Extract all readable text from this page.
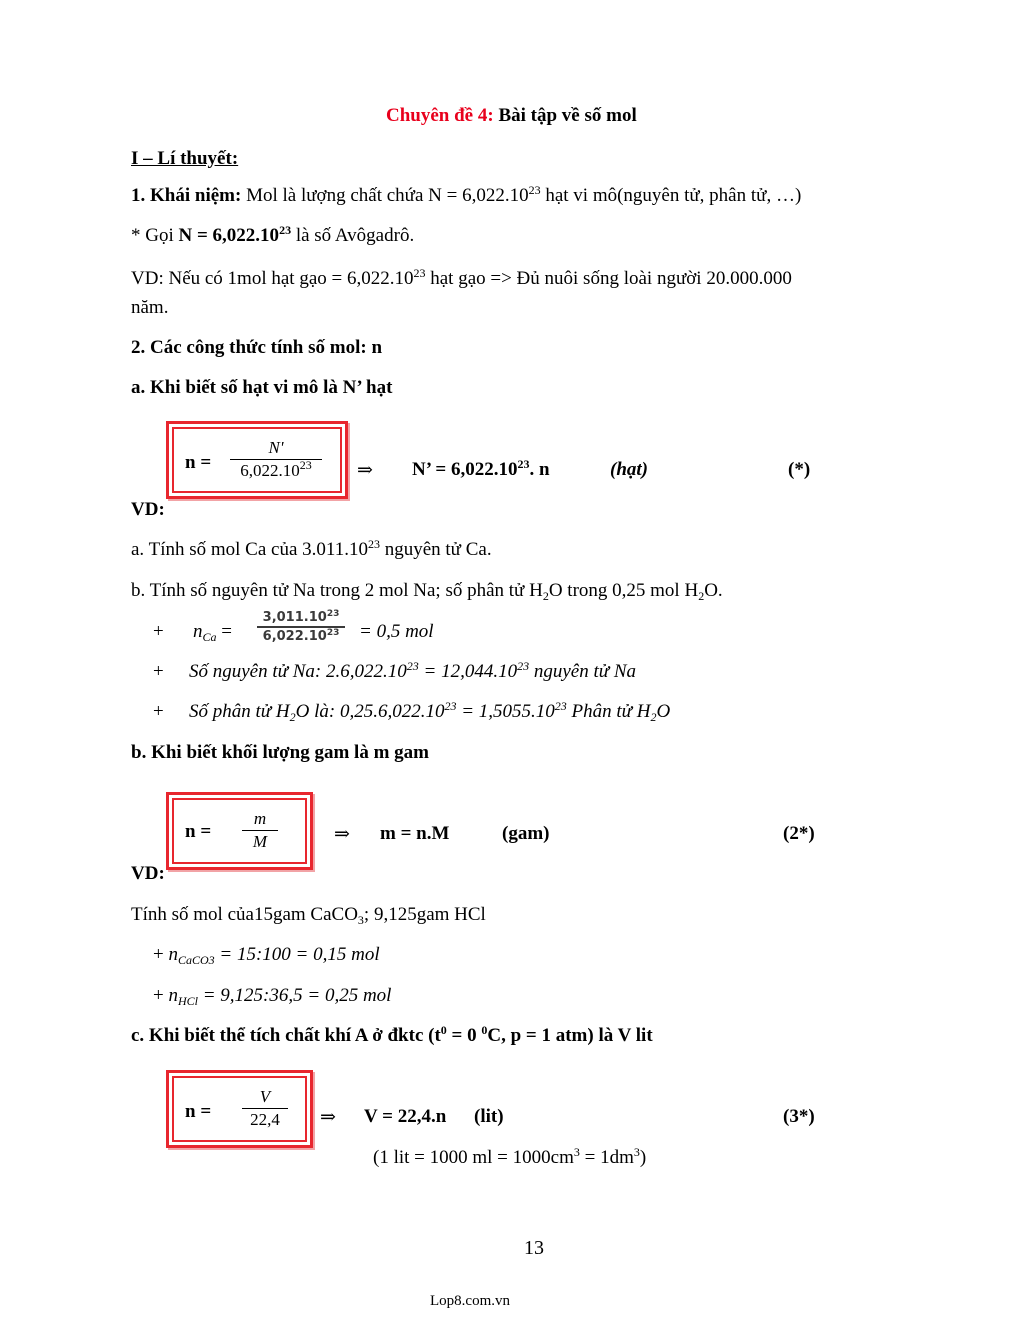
Chuyên đề 4: Bài tập về số mol
I – Lí thuyết:
1. Khái niệm: Mol là lượng chất chứa $N = 6,022.10^{23}$ hạt vi mô(nguyên tử, phân tử, …)
* Gọi $N = 6,022.10^{23}$ là số Avôgadrô.
VD: Nếu có 1mol hạt gạo = $6,022.10^{23}$ hạt gạo => Đủ nuôi sống loài người 20.000.000
năm.
2. Các công thức tính số mol: n
a. Khi biết số hạt vi mô là N’ hạt
$n = \frac{N'}{6,022.10^{23}}$ ⇒ N’ = $6,022.10^{23}$. n	(hạt)	(*)
VD:
a. Tính số mol Ca của 3.011.10$^{23}$ nguyên tử Ca.
b. Tính số nguyên tử Na trong 2 mol Na; số phân tử $H_2O$ trong 0,25 mol $H_2O$.
+ $n_{Ca} = \frac{3,011.10^{23}}{6,022.10^{23}} = 0,5$ mol
+ Số nguyên tử Na: $2.6,022.10^{23} = 12,044.10^{23}$ nguyên tử Na
+ Số phân tử $H_2O$ là: $0,25.6,022.10^{23} = 1,5055.10^{23}$ Phân tử $H_2O$
b. Khi biết khối lượng gam là m gam
$n = \frac{m}{M}$	⇒ m = n.M	(gam)	(2*)
VD:
Tính số mol của15gam CaCO$_3$; 9,125gam HCl
+ $n_{CaCO3}$ = 15:100 = 0,15 mol
+ $n_{HCl}$ = 9,125:36,5 = 0,25 mol
c. Khi biết thể tích chất khí A ở đktc ($t^0 = 0$ $^0$C, p = 1 atm) là V lit
$n = \frac{V}{22,4}$ ⇒ V = 22,4.n (lit)	(3*)
(1 lit = 1000 ml = $1000cm^3 = 1dm^3$)
13
Lop8.com.vn
